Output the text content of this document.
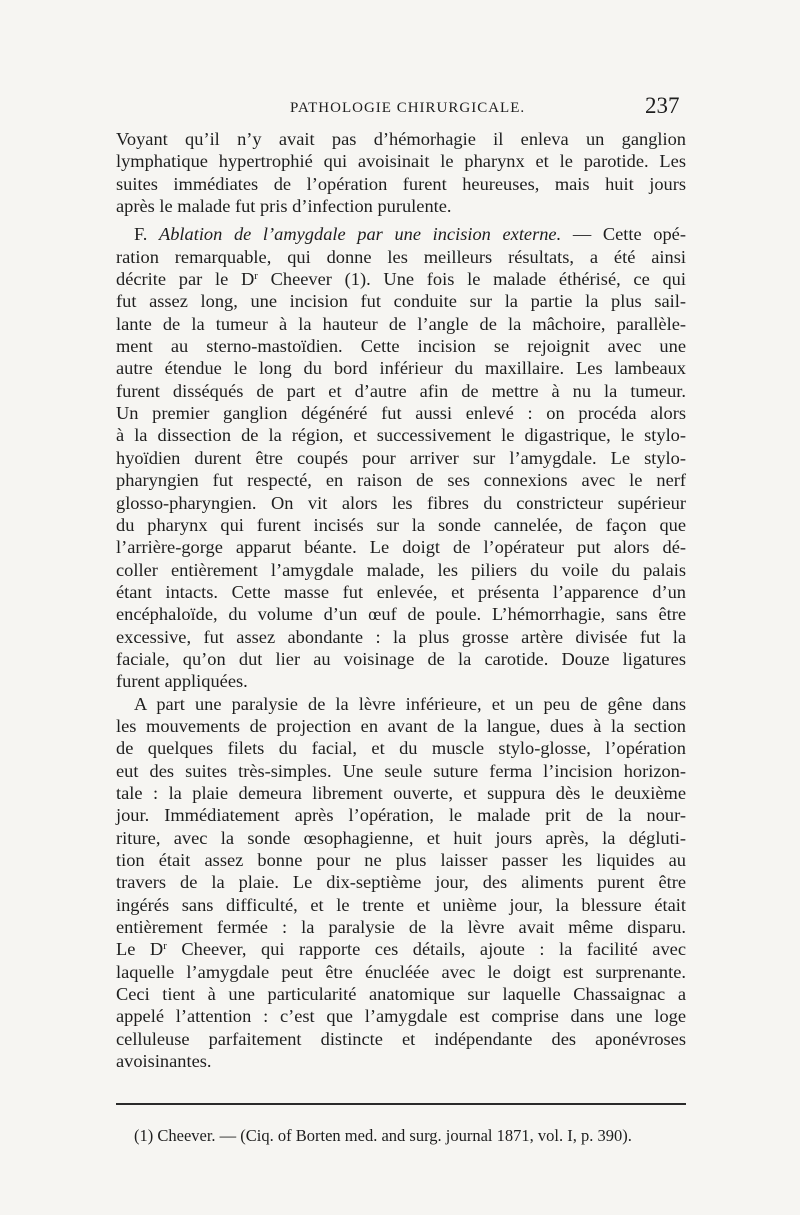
PATHOLOGIE CHIRURGICALE.	237
Voyant qu’il n’y avait pas d’hémorhagie il enleva un ganglion
lymphatique hypertrophié qui avoisinait le pharynx et le parotide. Les
suites immédiates de l’opération furent heureuses, mais huit jours
après le malade fut pris d’infection purulente.
F. Ablation de l’amygdale par une incision externe. — Cette opé-
ration remarquable, qui donne les meilleurs résultats, a été ainsi
décrite par le $D^r$ Cheever (1). Une fois le malade éthérisé, ce qui
fut assez long, une incision fut conduite sur la partie la plus sail-
lante de la tumeur à la hauteur de l’angle de la mâchoire, parallèle-
ment au sterno-mastoïdien. Cette incision se rejoignit avec une
autre étendue le long du bord inférieur du maxillaire. Les lambeaux
furent disséqués de part et d’autre afin de mettre à nu la tumeur.
Un premier ganglion dégénéré fut aussi enlevé : on procéda alors
à la dissection de la région, et successivement le digastrique, le stylo-
hyoïdien durent être coupés pour arriver sur l’amygdale. Le stylo-
pharyngien fut respecté, en raison de ses connexions avec le nerf
glosso-pharyngien. On vit alors les fibres du constricteur supérieur
du pharynx qui furent incisés sur la sonde cannelée, de façon que
l’arrière-gorge apparut béante. Le doigt de l’opérateur put alors dé-
coller entièrement l’amygdale malade, les piliers du voile du palais
étant intacts. Cette masse fut enlevée, et présenta l’apparence d’un
encéphaloïde, du volume d’un œuf de poule. L’hémorrhagie, sans être
excessive, fut assez abondante : la plus grosse artère divisée fut la
faciale, qu’on dut lier au voisinage de la carotide. Douze ligatures
furent appliquées.
A part une paralysie de la lèvre inférieure, et un peu de gêne dans
les mouvements de projection en avant de la langue, dues à la section
de quelques filets du facial, et du muscle stylo-glosse, l’opération
eut des suites très-simples. Une seule suture ferma l’incision horizon-
tale : la plaie demeura librement ouverte, et suppura dès le deuxième
jour. Immédiatement après l’opération, le malade prit de la nour-
riture, avec la sonde œsophagienne, et huit jours après, la dégluti-
tion était assez bonne pour ne plus laisser passer les liquides au
travers de la plaie. Le dix-septième jour, des aliments purent être
ingérés sans difficulté, et le trente et unième jour, la blessure était
entièrement fermée : la paralysie de la lèvre avait même disparu.
Le $D^r$ Cheever, qui rapporte ces détails, ajoute : la facilité avec
laquelle l’amygdale peut être énucléée avec le doigt est surprenante.
Ceci tient à une particularité anatomique sur laquelle Chassaignac a
appelé l’attention : c’est que l’amygdale est comprise dans une loge
celluleuse parfaitement distincte et indépendante des aponévroses
avoisinantes.
(1) Cheever. — (Ciq. of Borten med. and surg. journal 1871, vol. I, p. 390).
